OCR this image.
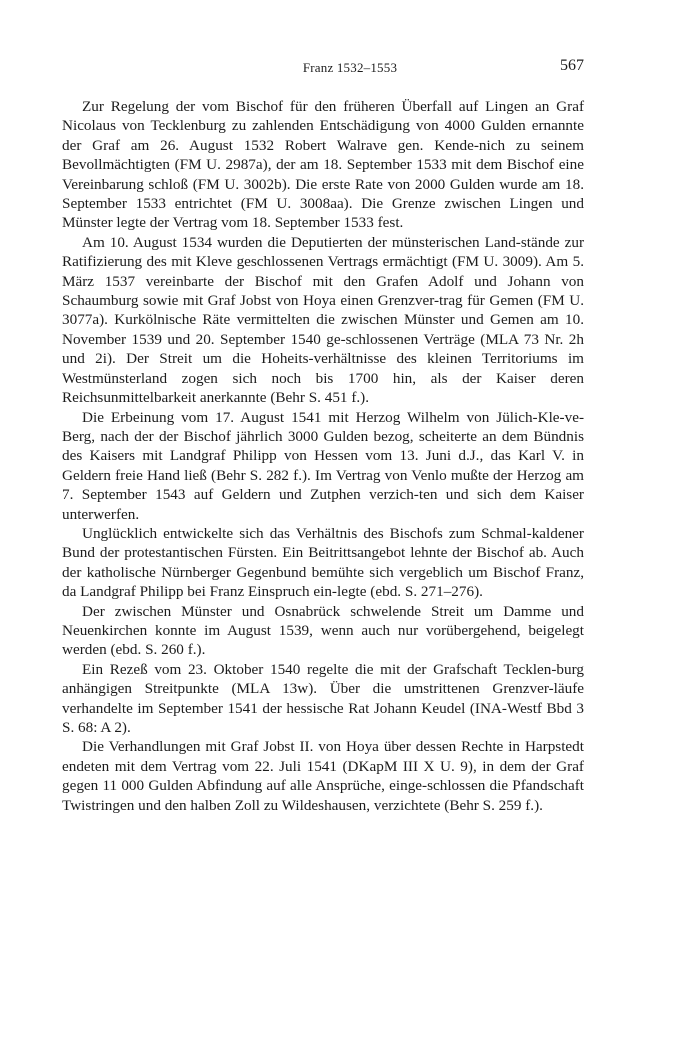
Franz 1532–1553	567

Zur Regelung der vom Bischof für den früheren Überfall auf Lingen an Graf Nicolaus von Tecklenburg zu zahlenden Entschädigung von 4000 Gulden ernannte der Graf am 26. August 1532 Robert Walrave gen. Kende-nich zu seinem Bevollmächtigten (FM U. 2987a), der am 18. September 1533 mit dem Bischof eine Vereinbarung schloß (FM U. 3002b). Die erste Rate von 2000 Gulden wurde am 18. September 1533 entrichtet (FM U. 3008aa). Die Grenze zwischen Lingen und Münster legte der Vertrag vom 18. September 1533 fest.

Am 10. August 1534 wurden die Deputierten der münsterischen Land-stände zur Ratifizierung des mit Kleve geschlossenen Vertrags ermächtigt (FM U. 3009). Am 5. März 1537 vereinbarte der Bischof mit den Grafen Adolf und Johann von Schaumburg sowie mit Graf Jobst von Hoya einen Grenzver-trag für Gemen (FM U. 3077a). Kurkölnische Räte vermittelten die zwischen Münster und Gemen am 10. November 1539 und 20. September 1540 ge-schlossenen Verträge (MLA 73 Nr. 2h und 2i). Der Streit um die Hoheits-verhältnisse des kleinen Territoriums im Westmünsterland zogen sich noch bis 1700 hin, als der Kaiser deren Reichsunmittelbarkeit anerkannte (Behr S. 451 f.).

Die Erbeinung vom 17. August 1541 mit Herzog Wilhelm von Jülich-Kle-ve-Berg, nach der der Bischof jährlich 3000 Gulden bezog, scheiterte an dem Bündnis des Kaisers mit Landgraf Philipp von Hessen vom 13. Juni d.J., das Karl V. in Geldern freie Hand ließ (Behr S. 282 f.). Im Vertrag von Venlo mußte der Herzog am 7. September 1543 auf Geldern und Zutphen verzich-ten und sich dem Kaiser unterwerfen.

Unglücklich entwickelte sich das Verhältnis des Bischofs zum Schmal-kaldener Bund der protestantischen Fürsten. Ein Beitrittsangebot lehnte der Bischof ab. Auch der katholische Nürnberger Gegenbund bemühte sich vergeblich um Bischof Franz, da Landgraf Philipp bei Franz Einspruch ein-legte (ebd. S. 271–276).

Der zwischen Münster und Osnabrück schwelende Streit um Damme und Neuenkirchen konnte im August 1539, wenn auch nur vorübergehend, beigelegt werden (ebd. S. 260 f.).

Ein Rezeß vom 23. Oktober 1540 regelte die mit der Grafschaft Tecklen-burg anhängigen Streitpunkte (MLA 13w). Über die umstrittenen Grenzver-läufe verhandelte im September 1541 der hessische Rat Johann Keudel (INA-Westf Bbd 3 S. 68: A 2).

Die Verhandlungen mit Graf Jobst II. von Hoya über dessen Rechte in Harpstedt endeten mit dem Vertrag vom 22. Juli 1541 (DKapM III X U. 9), in dem der Graf gegen 11 000 Gulden Abfindung auf alle Ansprüche, einge-schlossen die Pfandschaft Twistringen und den halben Zoll zu Wildeshausen, verzichtete (Behr S. 259 f.).
